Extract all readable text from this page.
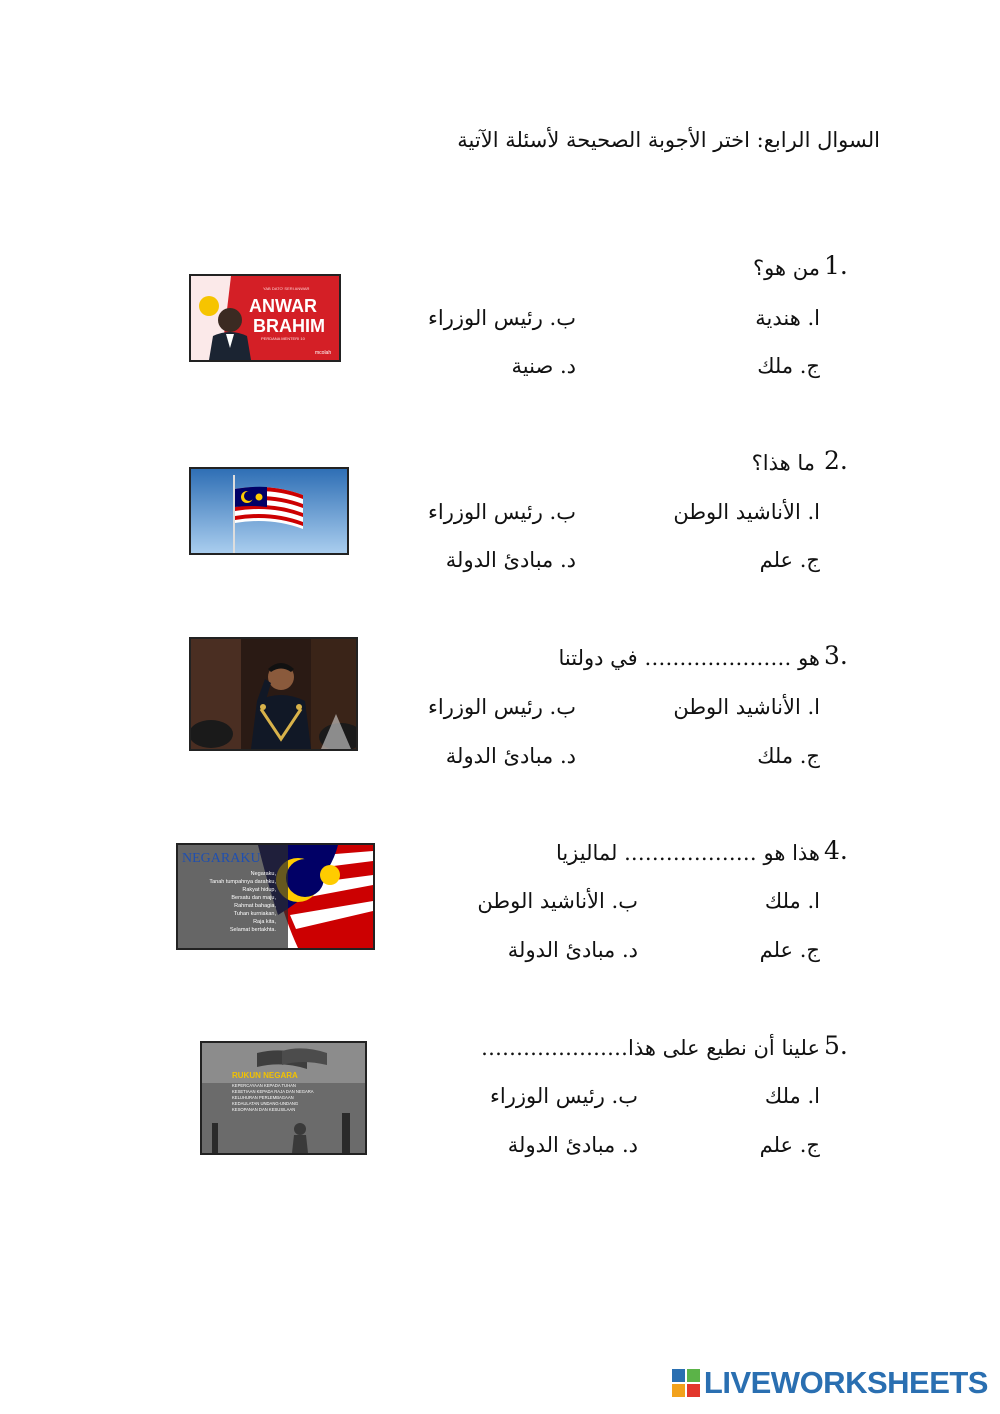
السوال الرابع: اختر الأجوبة الصحيحة لأسئلة الآتية
1.
من هو؟
ا. هندية
ب. رئيس الوزراء
ج. ملك
د. صنية
YAB DATO' SERI ANWAR
ANWAR
BRAHIM
PERDANA MENTERI 10
mcolah
2.
ما هذا؟
ا. الأناشيد الوطن
ب. رئيس الوزراء
ج. علم
د. مبادئ الدولة
3.
هو ………………… في دولتنا
ا. الأناشيد الوطن
ب. رئيس الوزراء
ج. ملك
د. مبادئ الدولة
4.
هذا هو ………………. لماليزيا
ا. ملك
ب. الأناشيد الوطن
ج. علم
د. مبادئ الدولة
NEGARAKU
Negaraku,
Tanah tumpahnya darahku,
Rakyat hidup,
Bersatu dan maju,
Rahmat bahagia,
Tuhan kurniakan,
Raja kita,
Selamat bertakhta.
5.
علينا أن نطيع على هذا…………………
ا. ملك
ب. رئيس الوزراء
ج. علم
د. مبادئ الدولة
RUKUN NEGARA
KEPERCAYAAN KEPADA TUHAN
KESETIAAN KEPADA RAJA DAN NEGARA
KELUHURAN PERLEMBAGAAN
KEDAULATAN UNDANG-UNDANG
KESOPANAN DAN KESUSILAAN
LIVEWORKSHEETS
